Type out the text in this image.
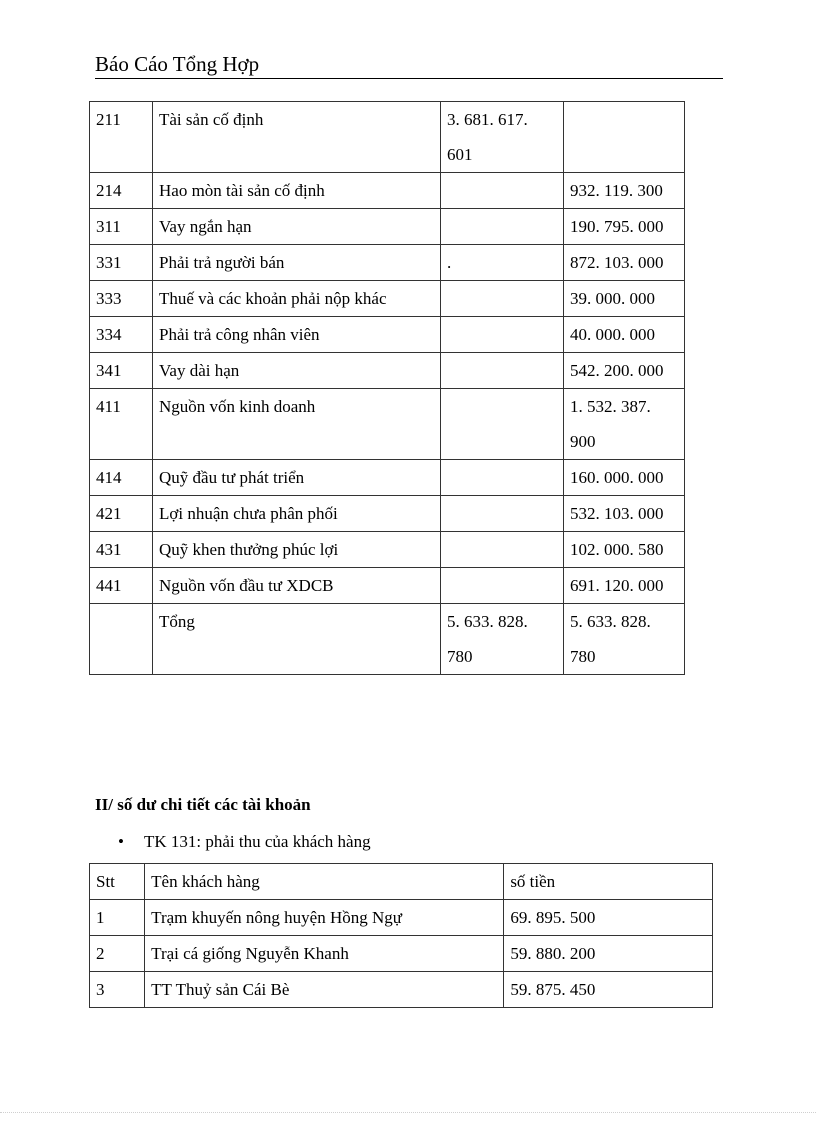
Báo Cáo Tổng Hợp
211	Tài sản cố định	3. 681. 617. 601	
214	Hao mòn tài sản cố định		932. 119. 300
311	Vay ngắn hạn		190. 795. 000
331	Phải trả người bán	.	872. 103. 000
333	Thuế và các khoản phải nộp khác		39. 000. 000
334	Phải trả công nhân viên		40. 000. 000
341	Vay dài hạn		542. 200. 000
411	Nguồn vốn kinh doanh		1. 532. 387. 900
414	Quỹ đầu tư phát triển		160. 000. 000
421	Lợi nhuận chưa phân phối		532. 103. 000
431	Quỹ khen thưởng phúc lợi		102. 000. 580
441	Nguồn vốn đầu tư XDCB		691. 120. 000
	Tổng	5. 633. 828. 780	5. 633. 828. 780
II/ số dư chi tiết các tài khoản
• TK 131: phải thu của khách hàng
Stt	Tên khách hàng	số tiền
1	Trạm khuyến nông huyện Hồng Ngự	69. 895. 500
2	Trại cá giống Nguyễn Khanh	59. 880. 200
3	TT Thuỷ sản Cái Bè	59. 875. 450
